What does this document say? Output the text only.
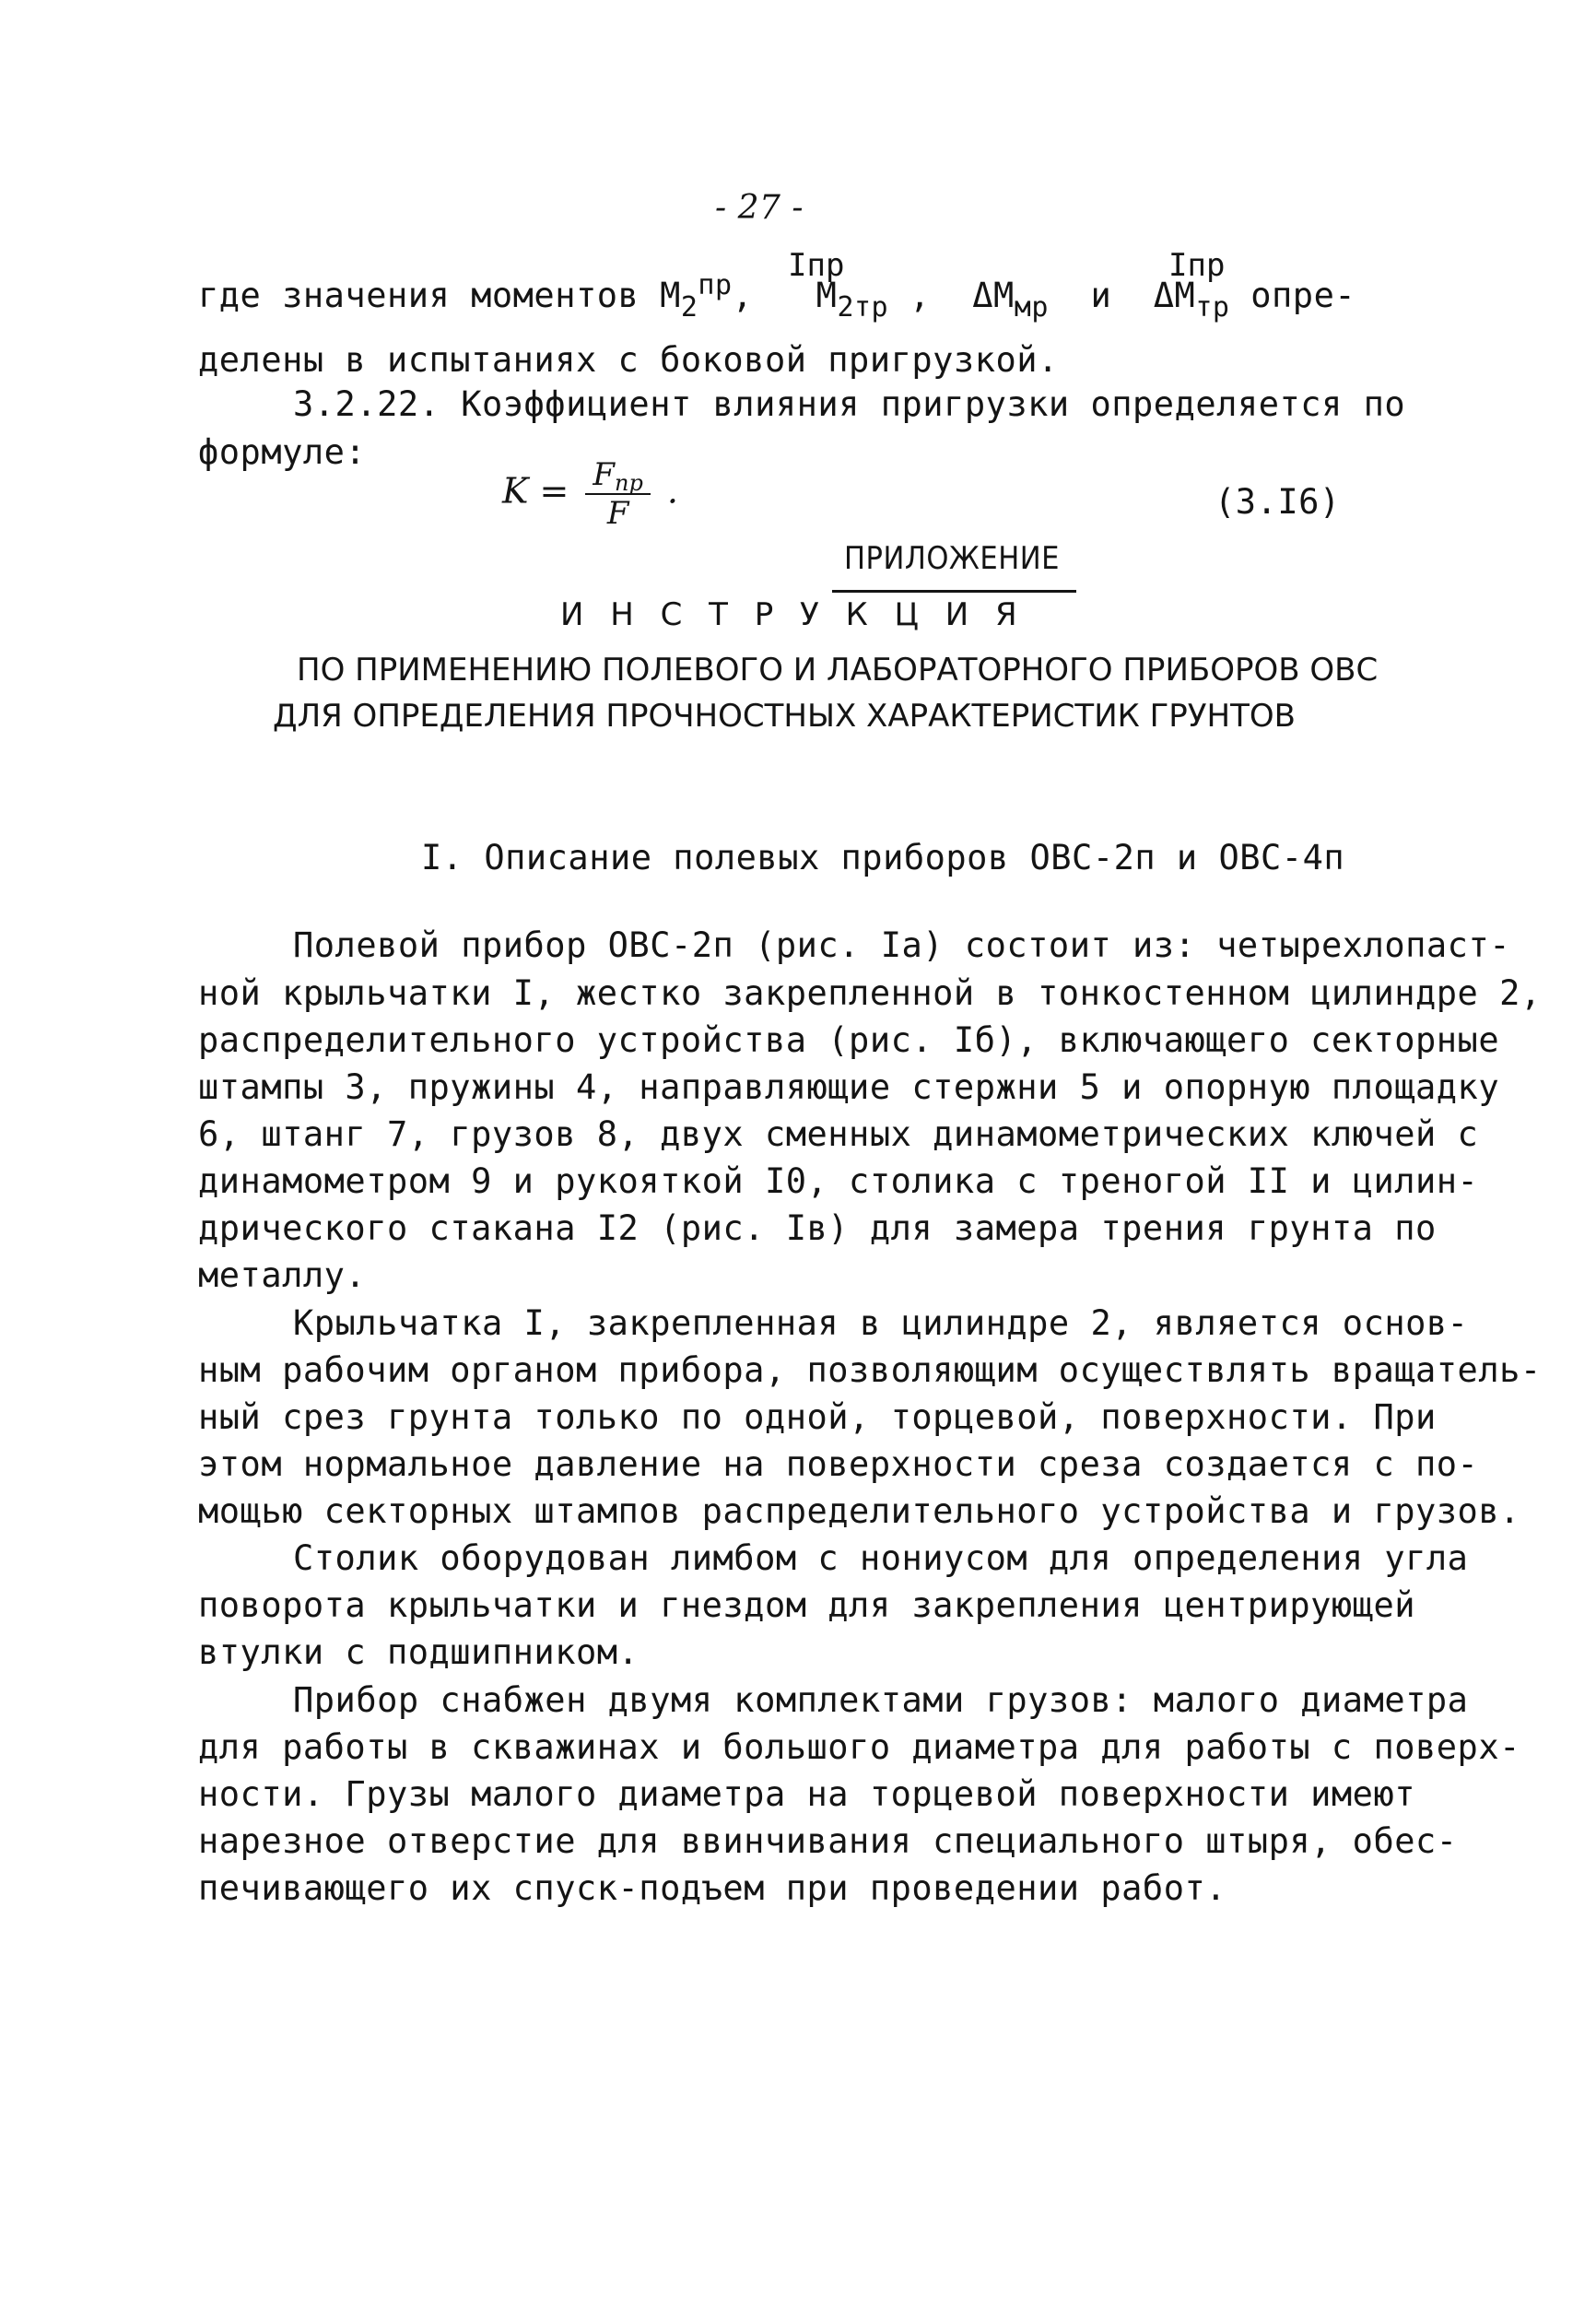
- 27 -
Iпр	Iпр
где значения моментов $М_2^{пр}$,   $М_{2тр}$ ,  $\Delta М_{мр}$  и  $\Delta М_{тр}$ опре-
делены в испытаниях с боковой пригрузкой.
3.2.22. Коэффициент влияния пригрузки определяется по
формуле:
$K = \frac{\text{Fпр}}{F}$ .	(3.I6)
ПРИЛОЖЕНИЕ
И Н С Т Р У К Ц И Я
ПО ПРИМЕНЕНИЮ ПОЛЕВОГО И ЛАБОРАТОРНОГО ПРИБОРОВ ОВС
ДЛЯ ОПРЕДЕЛЕНИЯ ПРОЧНОСТНЫХ ХАРАКТЕРИСТИК ГРУНТОВ
I. Описание полевых приборов ОВС-2п и ОВС-4п
Полевой прибор ОВС-2п (рис. Iа) состоит из: четырехлопаст-
ной крыльчатки I, жестко закрепленной в тонкостенном цилиндре 2,
распределительного устройства (рис. Iб), включающего секторные
штампы 3, пружины 4, направляющие стержни 5 и опорную площадку
6, штанг 7, грузов 8, двух сменных динамометрических ключей с
динамометром 9 и рукояткой I0, столика с треногой II и цилин-
дрического стакана I2 (рис. Iв) для замера трения грунта по
металлу.
Крыльчатка I, закрепленная в цилиндре 2, является основ-
ным рабочим органом прибора, позволяющим осуществлять вращатель-
ный срез грунта только по одной, торцевой, поверхности. При
этом нормальное давление на поверхности среза создается с по-
мощью секторных штампов распределительного устройства и грузов.
Столик оборудован лимбом с нониусом для определения угла
поворота крыльчатки и гнездом для закрепления центрирующей
втулки с подшипником.
Прибор снабжен двумя комплектами грузов: малого диаметра
для работы в скважинах и большого диаметра для работы с поверх-
ности. Грузы малого диаметра на торцевой поверхности имеют
нарезное отверстие для ввинчивания специального штыря, обес-
печивающего их спуск-подъем при проведении работ.
